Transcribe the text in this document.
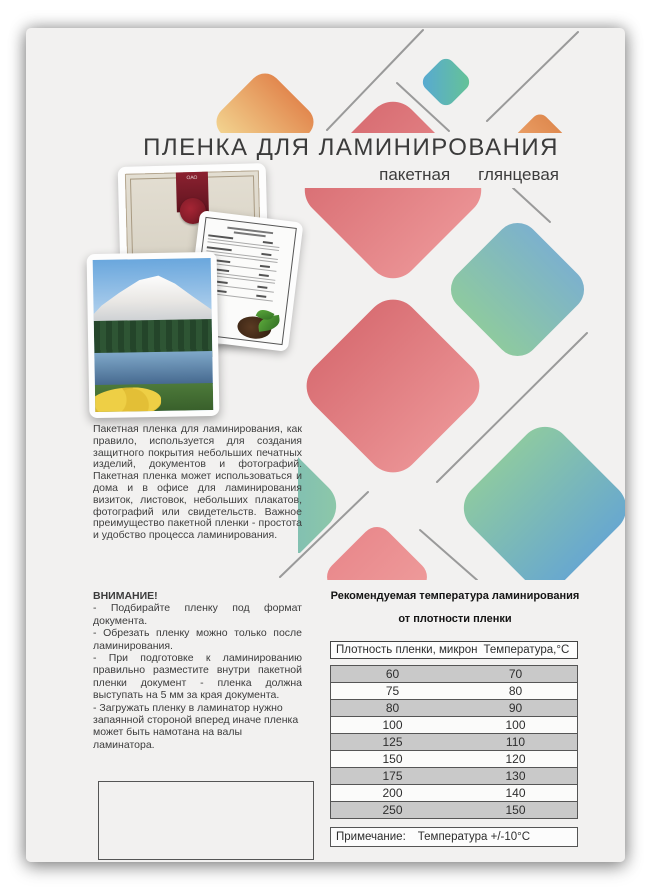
ПЛЕНКА ДЛЯ ЛАМИНИРОВАНИЯ
пакетная глянцевая
ОАО

Пакетная пленка для ламинирования, как правило, используется для создания защитного покрытия небольших печатных изделий, документов и фотографий. Пакетная пленка может использоваться и дома и в офисе для ламинирования визиток, листовок, небольших плакатов, фотографий или свидетельств. Важное преимущество пакетной пленки - простота и удобство процесса ламинирования.

ВНИМАНИЕ!

- Подбирайте пленку под формат документа.

- Обрезать пленку можно только после ламинирования.

- При подготовке к ламинированию правильно разместите внутри пакетной пленки документ - пленка должна выступать на 5 мм за края документа.

- Загружать пленку в ламинатор нужно запаянной стороной вперед иначе пленка может быть намотана на валы ламинатора.

Рекомендуемая температура ламинирования
от плотности пленки
Плотность пленки, микрон Температура,°C
60	70
75	80
80	90
100	100
125	110
150	120
175	130
200	140
250	150
Примечание: Температура +/-10°C
